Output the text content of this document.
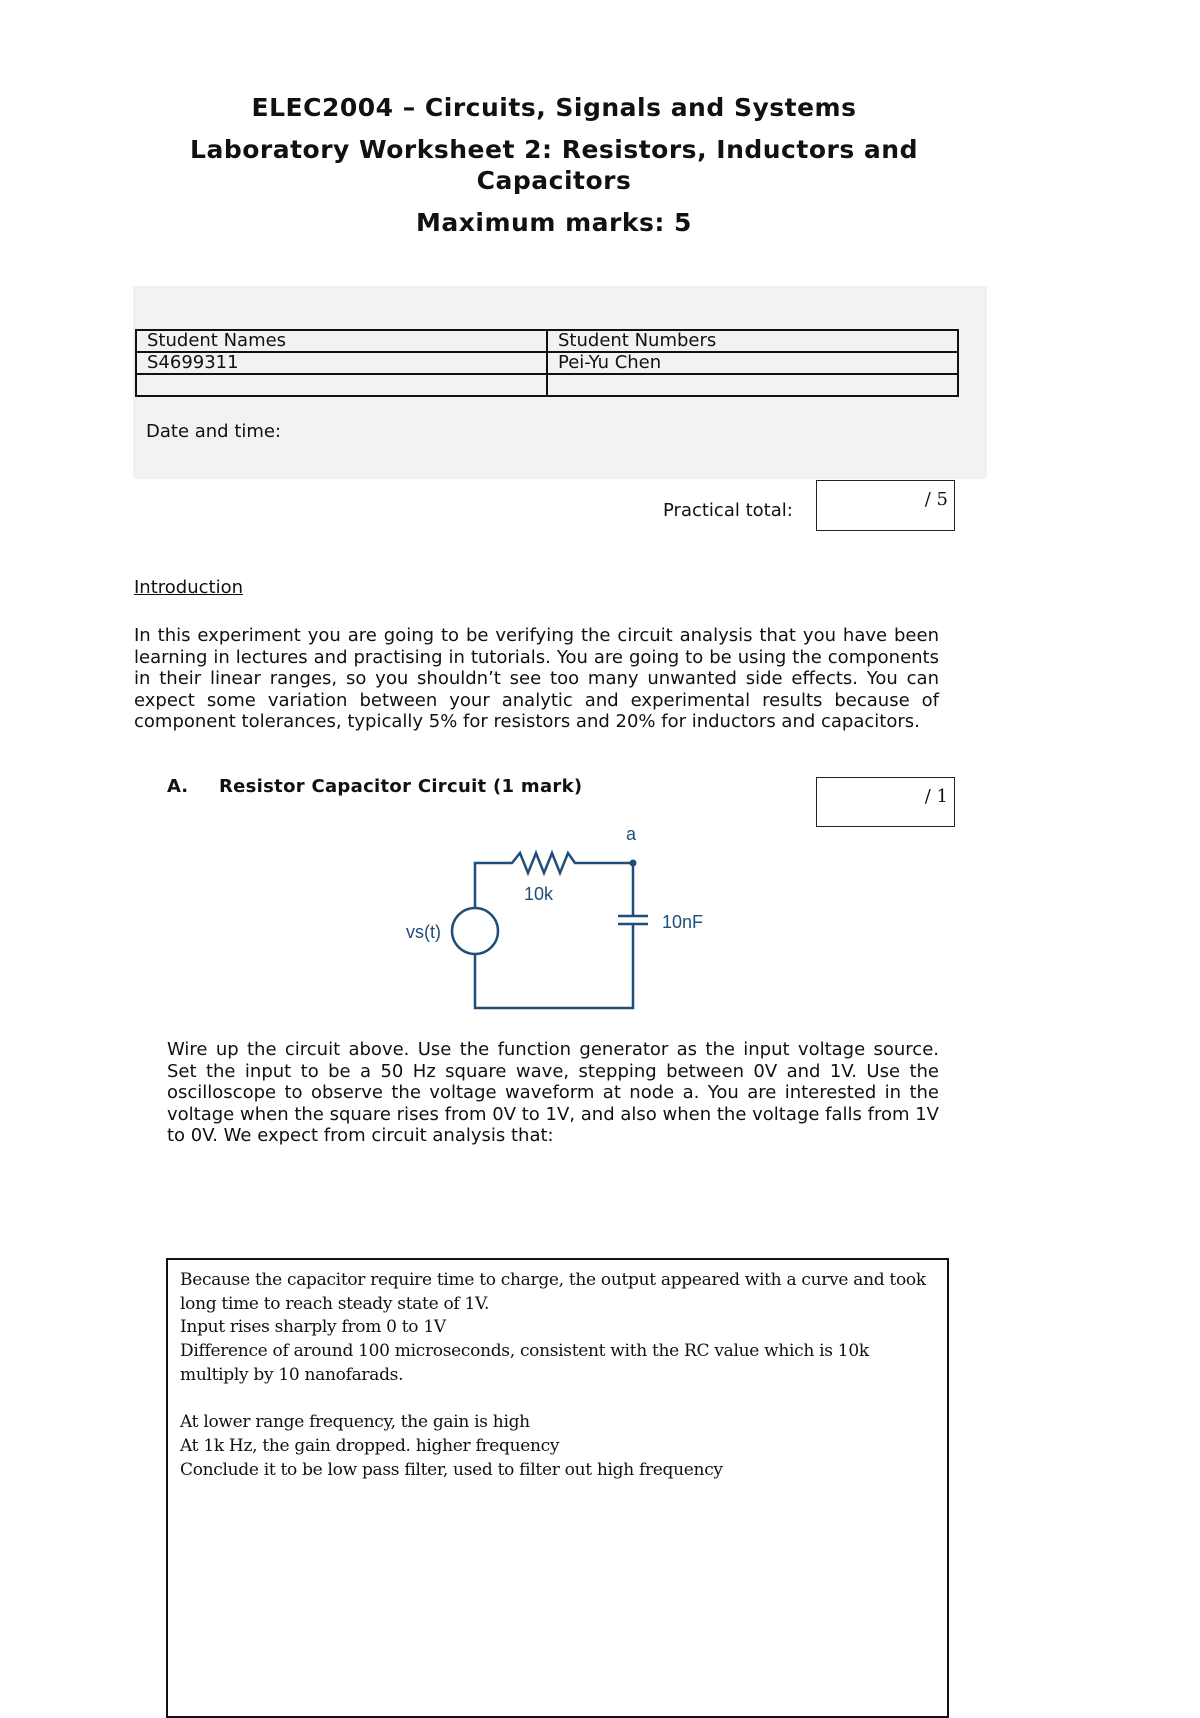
ELEC2004 – Circuits, Signals and Systems
Laboratory Worksheet 2: Resistors, Inductors and
Capacitors
Maximum marks: 5
Student Names	Student Numbers
S4699311	Pei-Yu Chen

Date and time:
Practical total:
/ 5
Introduction
In this experiment you are going to be verifying the circuit analysis that you have been learning in lectures and practising in tutorials. You are going to be using the components in their linear ranges, so you shouldn’t see too many unwanted side effects. You can expect some variation between your analytic and experimental results because of component tolerances, typically 5% for resistors and 20% for inductors and capacitors.
A. Resistor Capacitor Circuit (1 mark)	/ 1
a
10k
10nF
vs(t)
Wire up the circuit above. Use the function generator as the input voltage source. Set the input to be a 50 Hz square wave, stepping between 0V and 1V. Use the oscilloscope to observe the voltage waveform at node a. You are interested in the voltage when the square rises from 0V to 1V, and also when the voltage falls from 1V to 0V. We expect from circuit analysis that:
Because the capacitor require time to charge, the output appeared with a curve and took
long time to reach steady state of 1V.
Input rises sharply from 0 to 1V
Difference of around 100 microseconds, consistent with the RC value which is 10k
multiply by 10 nanofarads.
At lower range frequency, the gain is high
At 1k Hz, the gain dropped. higher frequency
Conclude it to be low pass filter, used to filter out high frequency
